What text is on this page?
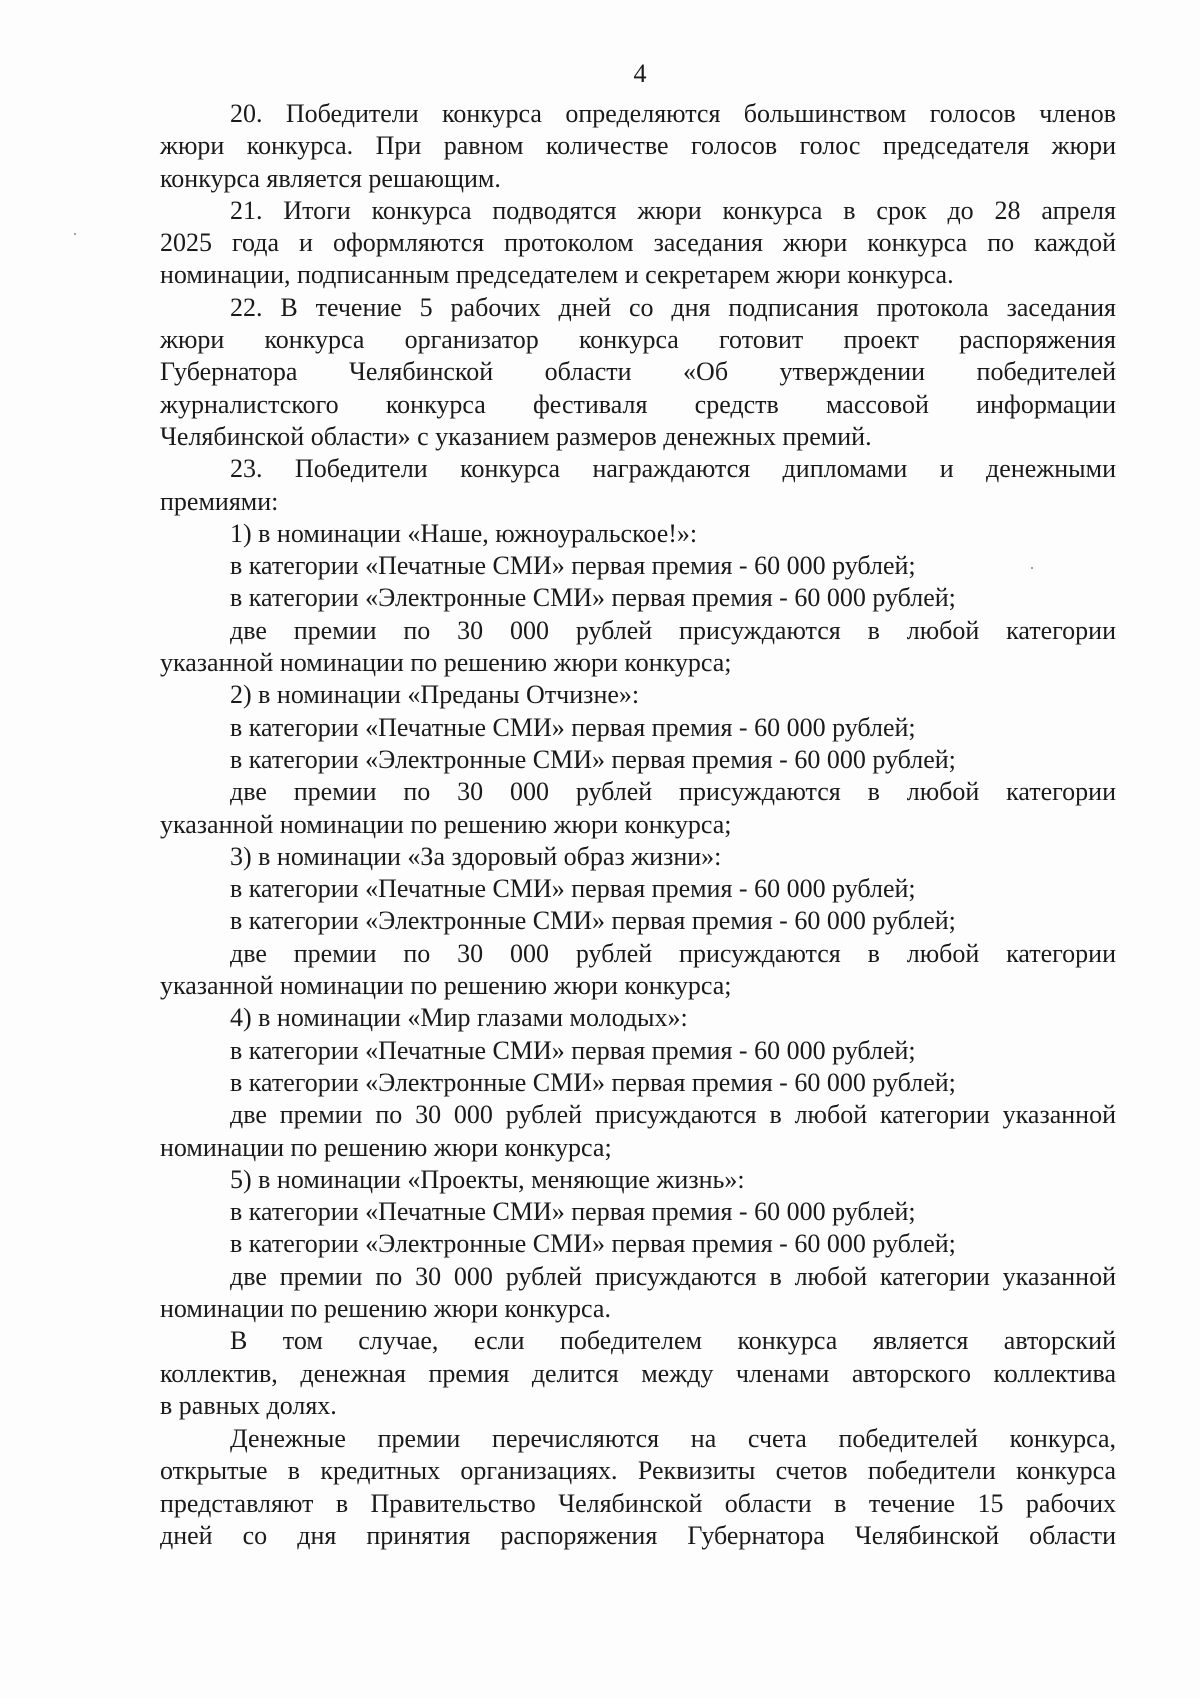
4
20. Победители конкурса определяются большинством голосов членов
жюри конкурса. При равном количестве голосов голос председателя жюри
конкурса является решающим.
21. Итоги конкурса подводятся жюри конкурса в срок до 28 апреля
2025 года и оформляются протоколом заседания жюри конкурса по каждой
номинации, подписанным председателем и секретарем жюри конкурса.
22. В течение 5 рабочих дней со дня подписания протокола заседания
жюри конкурса организатор конкурса готовит проект распоряжения
Губернатора Челябинской области «Об утверждении победителей
журналистского конкурса фестиваля средств массовой информации
Челябинской области» с указанием размеров денежных премий.
23. Победители конкурса награждаются дипломами и денежными
премиями:
1) в номинации «Наше, южноуральское!»:
в категории «Печатные СМИ» первая премия - 60 000 рублей;
в категории «Электронные СМИ» первая премия - 60 000 рублей;
две премии по 30 000 рублей присуждаются в любой категории
указанной номинации по решению жюри конкурса;
2) в номинации «Преданы Отчизне»:
в категории «Печатные СМИ» первая премия - 60 000 рублей;
в категории «Электронные СМИ» первая премия - 60 000 рублей;
две премии по 30 000 рублей присуждаются в любой категории
указанной номинации по решению жюри конкурса;
3) в номинации «За здоровый образ жизни»:
в категории «Печатные СМИ» первая премия - 60 000 рублей;
в категории «Электронные СМИ» первая премия - 60 000 рублей;
две премии по 30 000 рублей присуждаются в любой категории
указанной номинации по решению жюри конкурса;
4) в номинации «Мир глазами молодых»:
в категории «Печатные СМИ» первая премия - 60 000 рублей;
в категории «Электронные СМИ» первая премия - 60 000 рублей;
две премии по 30 000 рублей присуждаются в любой категории указанной
номинации по решению жюри конкурса;
5) в номинации «Проекты, меняющие жизнь»:
в категории «Печатные СМИ» первая премия - 60 000 рублей;
в категории «Электронные СМИ» первая премия - 60 000 рублей;
две премии по 30 000 рублей присуждаются в любой категории указанной
номинации по решению жюри конкурса.
В том случае, если победителем конкурса является авторский
коллектив, денежная премия делится между членами авторского коллектива
в равных долях.
Денежные премии перечисляются на счета победителей конкурса,
открытые в кредитных организациях. Реквизиты счетов победители конкурса
представляют в Правительство Челябинской области в течение 15 рабочих
дней со дня принятия распоряжения Губернатора Челябинской области
